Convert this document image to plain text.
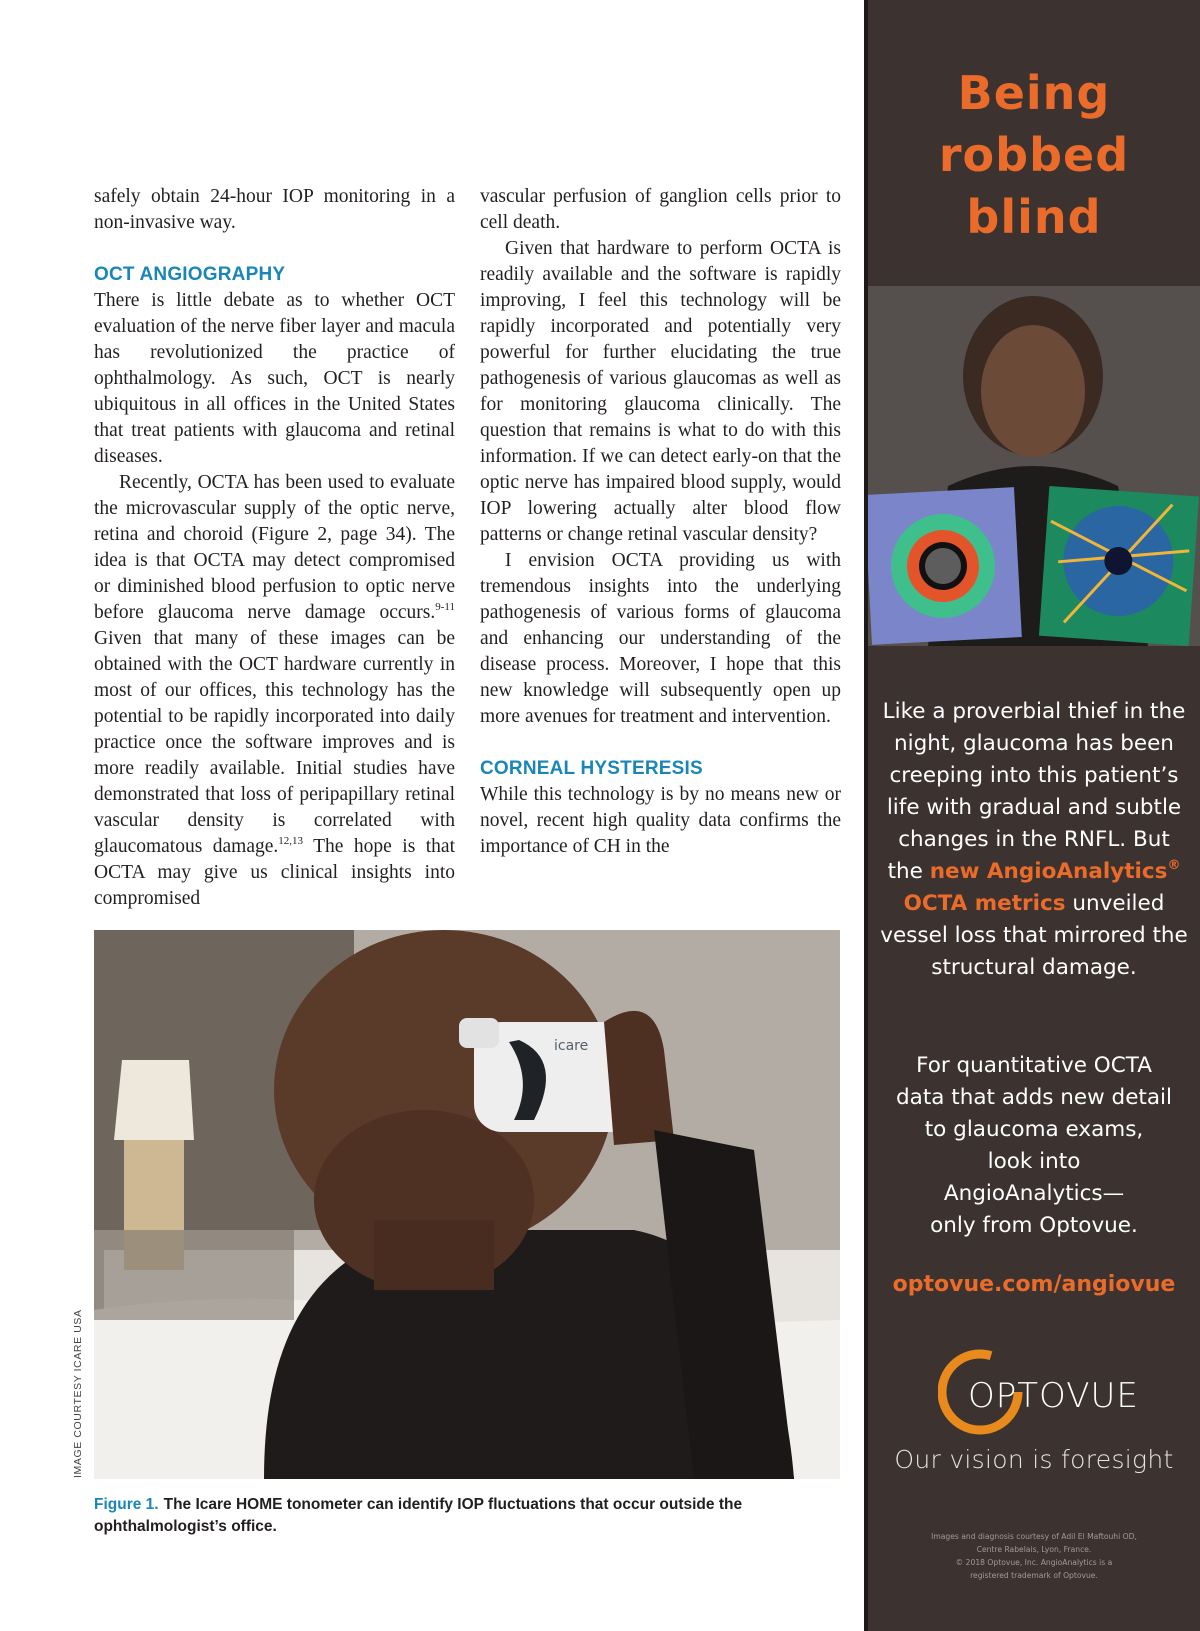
safely obtain 24-hour IOP monitoring in a non-invasive way.

OCT ANGIOGRAPHY

There is little debate as to whether OCT evaluation of the nerve fiber layer and macula has revolutionized the practice of ophthalmology. As such, OCT is nearly ubiquitous in all offices in the United States that treat patients with glaucoma and retinal diseases.

Recently, OCTA has been used to evaluate the microvascular supply of the optic nerve, retina and choroid (Figure 2, page 34). The idea is that OCTA may detect compromised or diminished blood perfusion to optic nerve before glaucoma nerve damage occurs.$^{9-11}$ Given that many of these images can be obtained with the OCT hardware currently in most of our offices, this technology has the potential to be rapidly incorporated into daily practice once the software improves and is more readily available. Initial studies have demonstrated that loss of peripapillary retinal vascular density is correlated with glaucomatous damage.$^{12,13}$ The hope is that OCTA may give us clinical insights into compromised

vascular perfusion of ganglion cells prior to cell death.

Given that hardware to perform OCTA is readily available and the software is rapidly improving, I feel this technology will be rapidly incorporated and potentially very powerful for further elucidating the true pathogenesis of various glaucomas as well as for monitoring glaucoma clinically. The question that remains is what to do with this information. If we can detect early-on that the optic nerve has impaired blood supply, would IOP lowering actually alter blood flow patterns or change retinal vascular density?

I envision OCTA providing us with tremendous insights into the underlying pathogenesis of various forms of glaucoma and enhancing our understanding of the disease process. Moreover, I hope that this new knowledge will subsequently open up more avenues for treatment and intervention.

CORNEAL HYSTERESIS

While this technology is by no means new or novel, recent high quality data confirms the importance of CH in the

icare
IMAGE COURTESY ICARE USA
Figure 1. The Icare HOME tonometer can identify IOP fluctuations that occur outside the ophthalmologist’s office.
Being
robbed
blind

Like a proverbial thief in the night, glaucoma has been creeping into this patient’s life with gradual and subtle changes in the RNFL. But the new AngioAnalytics® OCTA metrics unveiled vessel loss that mirrored the structural damage.

For quantitative OCTA
data that adds new detail
to glaucoma exams,
look into
AngioAnalytics—
only from Optovue.
optovue.com/angiovue
OPTOVUE
Our vision is foresight

Images and diagnosis courtesy of Adil El Maftouhi OD,

Centre Rabelais, Lyon, France.

© 2018 Optovue, Inc. AngioAnalytics is a

registered trademark of Optovue.
